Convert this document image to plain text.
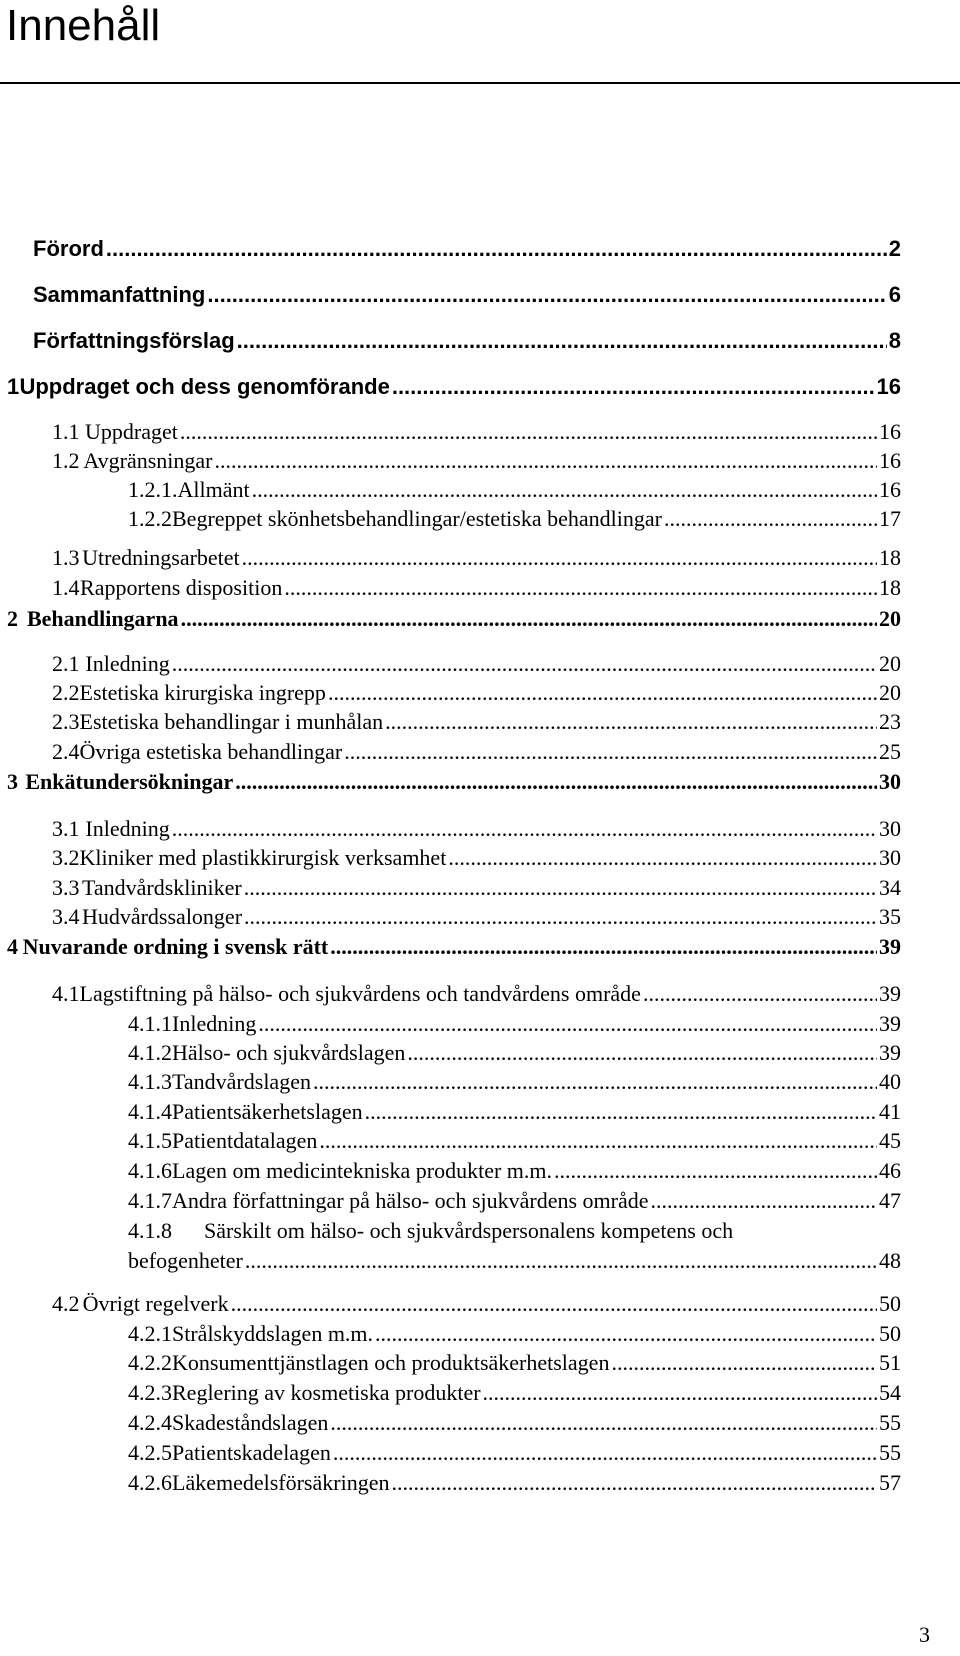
Innehåll
Förord .....	2
Sammanfattning .....	6
Författningsförslag .....	8
1 Uppdraget och dess genomförande .....	16
1.1 Uppdraget .....	16
1.2 Avgränsningar .....	16
1.2.1. Allmänt .....	16
1.2.2 Begreppet skönhetsbehandlingar/estetiska behandlingar .....	17
1.3 Utredningsarbetet .....	18
1.4 Rapportens disposition .....	18
2 Behandlingarna .....	20
2.1 Inledning .....	20
2.2 Estetiska kirurgiska ingrepp .....	20
2.3 Estetiska behandlingar i munhålan .....	23
2.4 Övriga estetiska behandlingar .....	25
3 Enkätundersökningar .....	30
3.1 Inledning .....	30
3.2 Kliniker med plastikkirurgisk verksamhet .....	30
3.3 Tandvårdskliniker .....	34
3.4 Hudvårdssalonger .....	35
4 Nuvarande ordning i svensk rätt .....	39
4.1 Lagstiftning på hälso- och sjukvårdens och tandvårdens område .....	39
4.1.1 Inledning .....	39
4.1.2 Hälso- och sjukvårdslagen .....	39
4.1.3 Tandvårdslagen .....	40
4.1.4 Patientsäkerhetslagen .....	41
4.1.5 Patientdatalagen .....	45
4.1.6 Lagen om medicintekniska produkter m.m. .....	46
4.1.7 Andra författningar på hälso- och sjukvårdens område .....	47
4.1.8 Särskilt om hälso- och sjukvårdspersonalens kompetens och
befogenheter .....	48
4.2 Övrigt regelverk .....	50
4.2.1 Strålskyddslagen m.m. .....	50
4.2.2 Konsumenttjänstlagen och produktsäkerhetslagen .....	51
4.2.3 Reglering av kosmetiska produkter .....	54
4.2.4 Skadeståndslagen .....	55
4.2.5 Patientskadelagen .....	55
4.2.6 Läkemedelsförsäkringen .....	57
3
